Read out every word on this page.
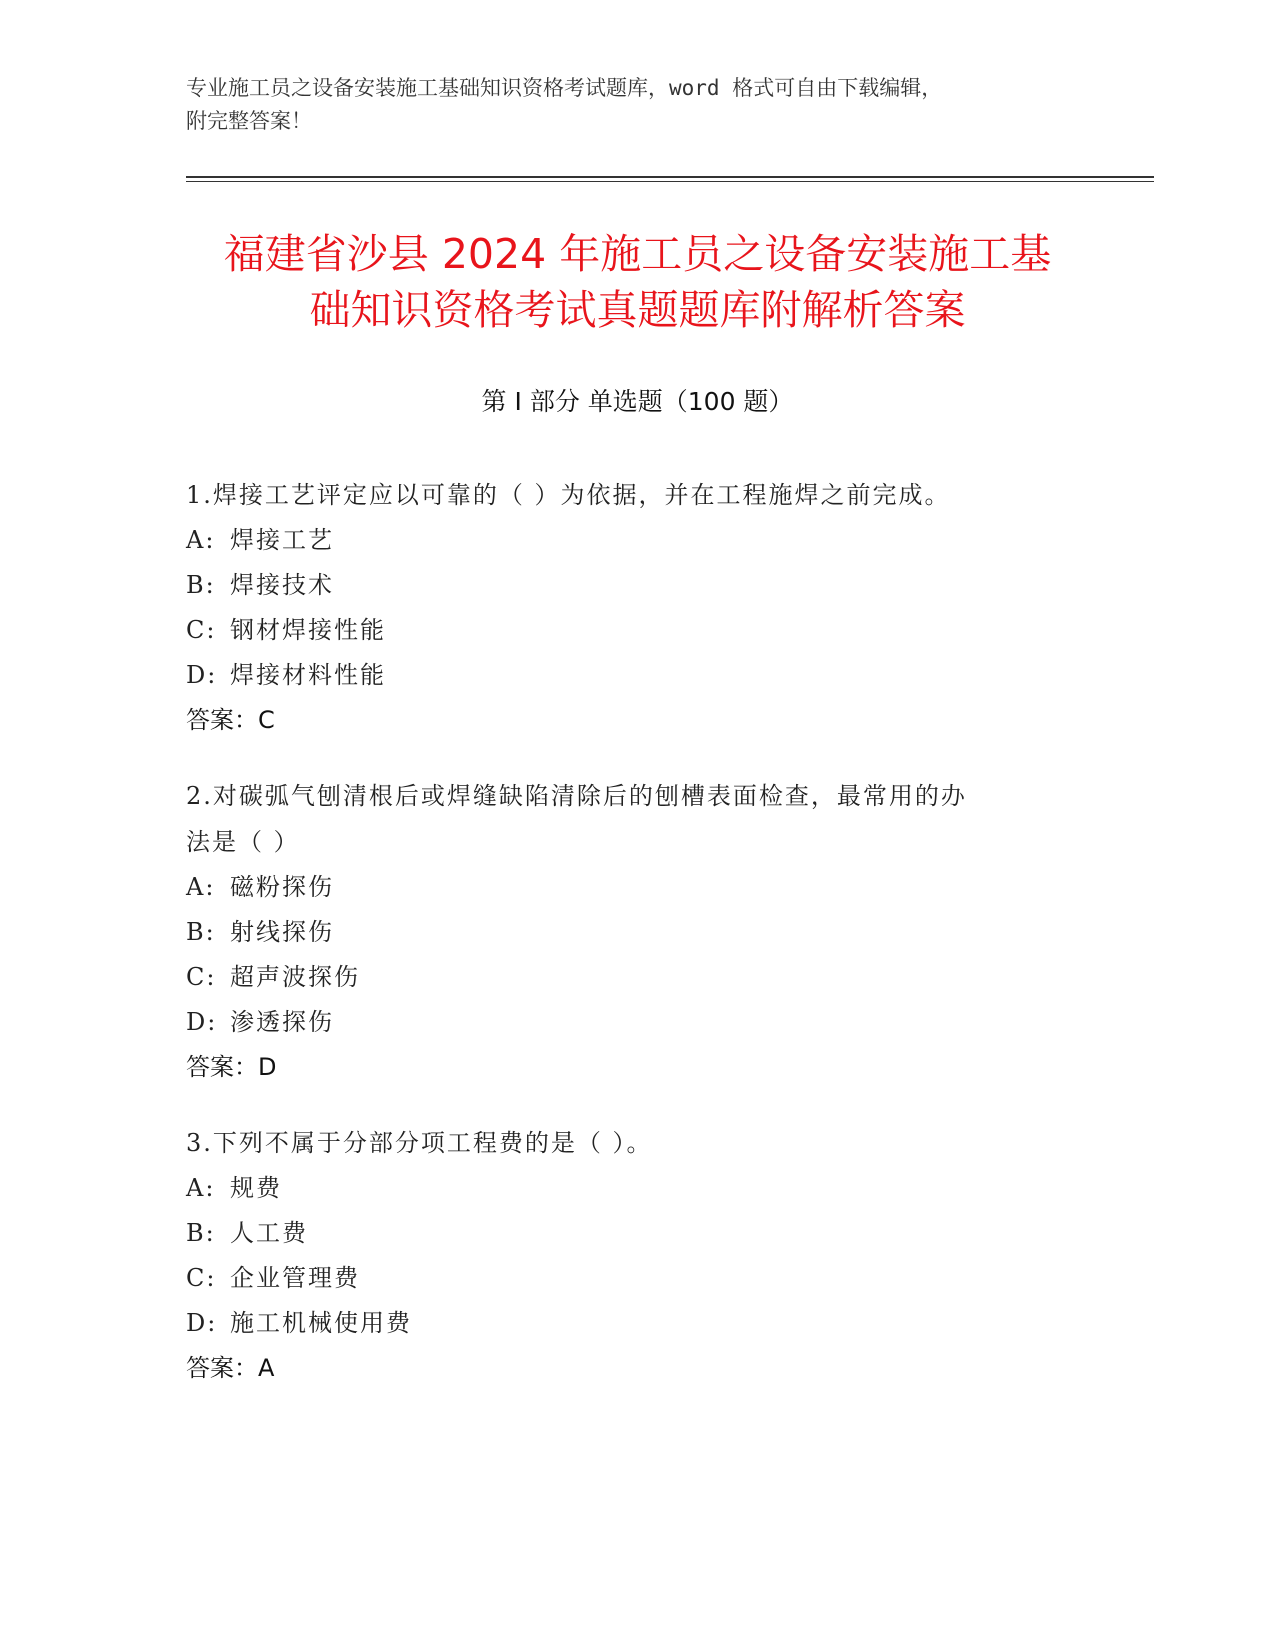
专业施工员之设备安装施工基础知识资格考试题库，word 格式可自由下载编辑，
附完整答案！
福建省沙县 2024 年施工员之设备安装施工基
础知识资格考试真题题库附解析答案
第 I 部分 单选题（100 题）

1.焊接工艺评定应以可靠的（ ）为依据，并在工程施焊之前完成。

A: 焊接工艺

B: 焊接技术

C: 钢材焊接性能

D: 焊接材料性能

答案：C

2.对碳弧气刨清根后或焊缝缺陷清除后的刨槽表面检查，最常用的办

法是（ ）

A: 磁粉探伤

B: 射线探伤

C: 超声波探伤

D: 渗透探伤

答案：D

3.下列不属于分部分项工程费的是（ ）。

A: 规费

B: 人工费

C: 企业管理费

D: 施工机械使用费

答案：A
